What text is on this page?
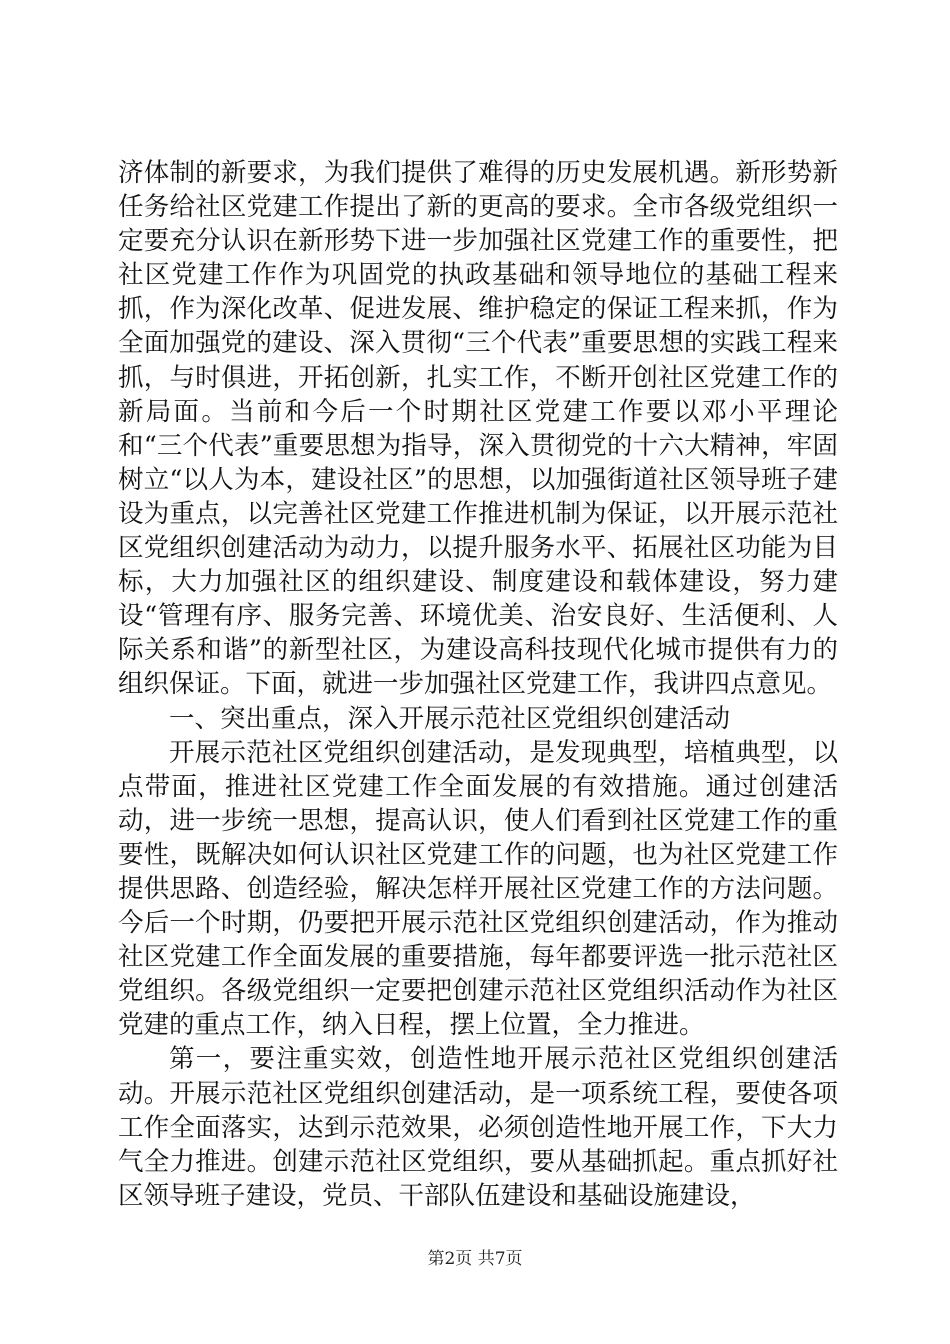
济体制的新要求，为我们提供了难得的历史发展机遇。新形势新任务给社区党建工作提出了新的更高的要求。全市各级党组织一定要充分认识在新形势下进一步加强社区党建工作的重要性，把社区党建工作作为巩固党的执政基础和领导地位的基础工程来抓，作为深化改革、促进发展、维护稳定的保证工程来抓，作为全面加强党的建设、深入贯彻“三个代表”重要思想的实践工程来抓，与时俱进，开拓创新，扎实工作，不断开创社区党建工作的新局面。当前和今后一个时期社区党建工作要以邓小平理论和“三个代表”重要思想为指导，深入贯彻党的十六大精神，牢固树立“以人为本，建设社区”的思想，以加强街道社区领导班子建设为重点，以完善社区党建工作推进机制为保证，以开展示范社区党组织创建活动为动力，以提升服务水平、拓展社区功能为目标，大力加强社区的组织建设、制度建设和载体建设，努力建设“管理有序、服务完善、环境优美、治安良好、生活便利、人际关系和谐”的新型社区，为建设高科技现代化城市提供有力的组织保证。下面，就进一步加强社区党建工作，我讲四点意见。

一、突出重点，深入开展示范社区党组织创建活动

开展示范社区党组织创建活动，是发现典型，培植典型，以点带面，推进社区党建工作全面发展的有效措施。通过创建活动，进一步统一思想，提高认识，使人们看到社区党建工作的重要性，既解决如何认识社区党建工作的问题，也为社区党建工作提供思路、创造经验，解决怎样开展社区党建工作的方法问题。今后一个时期，仍要把开展示范社区党组织创建活动，作为推动社区党建工作全面发展的重要措施，每年都要评选一批示范社区党组织。各级党组织一定要把创建示范社区党组织活动作为社区党建的重点工作，纳入日程，摆上位置，全力推进。

第一，要注重实效，创造性地开展示范社区党组织创建活动。开展示范社区党组织创建活动，是一项系统工程，要使各项工作全面落实，达到示范效果，必须创造性地开展工作，下大力气全力推进。创建示范社区党组织，要从基础抓起。重点抓好社区领导班子建设，党员、干部队伍建设和基础设施建设，

第2页 共7页
